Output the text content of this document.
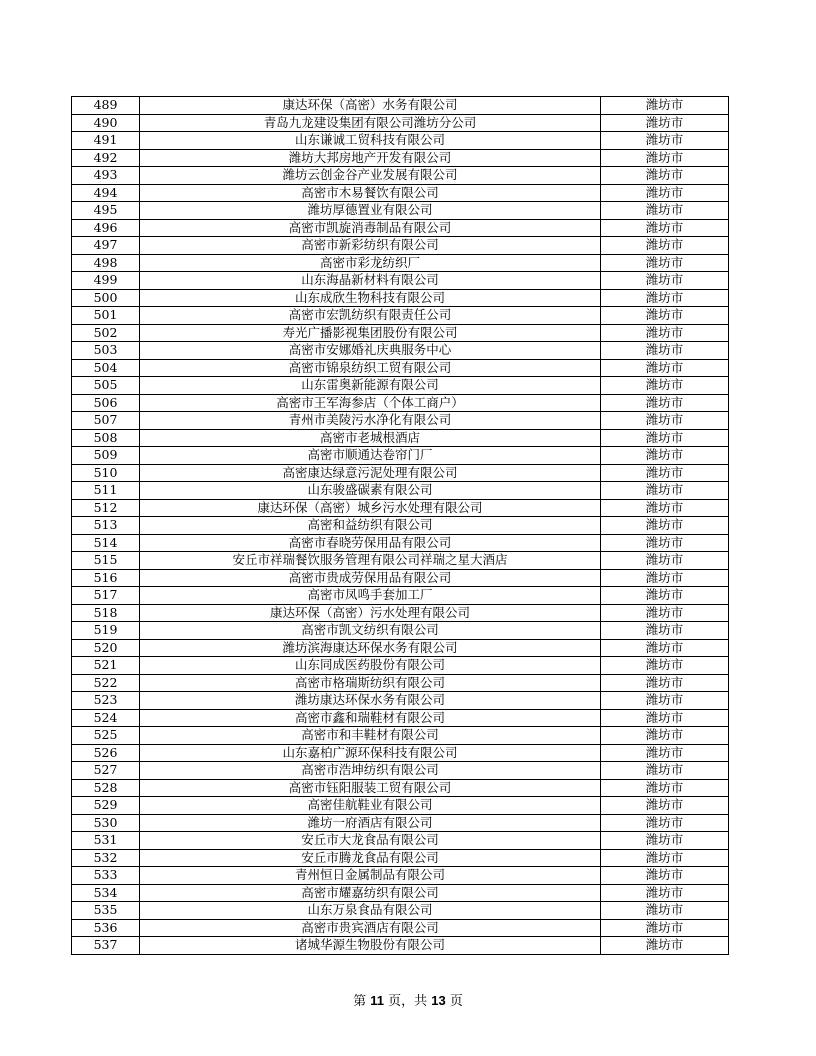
489	康达环保（高密）水务有限公司	潍坊市
490	青岛九龙建设集团有限公司潍坊分公司	潍坊市
491	山东谦诚工贸科技有限公司	潍坊市
492	潍坊大邦房地产开发有限公司	潍坊市
493	潍坊云创金谷产业发展有限公司	潍坊市
494	高密市木易餐饮有限公司	潍坊市
495	潍坊厚德置业有限公司	潍坊市
496	高密市凯旋消毒制品有限公司	潍坊市
497	高密市新彩纺织有限公司	潍坊市
498	高密市彩龙纺织厂	潍坊市
499	山东海晶新材料有限公司	潍坊市
500	山东成欣生物科技有限公司	潍坊市
501	高密市宏凯纺织有限责任公司	潍坊市
502	寿光广播影视集团股份有限公司	潍坊市
503	高密市安娜婚礼庆典服务中心	潍坊市
504	高密市锦泉纺织工贸有限公司	潍坊市
505	山东雷奥新能源有限公司	潍坊市
506	高密市王军海参店（个体工商户）	潍坊市
507	青州市美陵污水净化有限公司	潍坊市
508	高密市老城根酒店	潍坊市
509	高密市顺通达卷帘门厂	潍坊市
510	高密康达绿意污泥处理有限公司	潍坊市
511	山东骏盛碳素有限公司	潍坊市
512	康达环保（高密）城乡污水处理有限公司	潍坊市
513	高密和益纺织有限公司	潍坊市
514	高密市春晓劳保用品有限公司	潍坊市
515	安丘市祥瑞餐饮服务管理有限公司祥瑞之星大酒店	潍坊市
516	高密市贵成劳保用品有限公司	潍坊市
517	高密市凤鸣手套加工厂	潍坊市
518	康达环保（高密）污水处理有限公司	潍坊市
519	高密市凯文纺织有限公司	潍坊市
520	潍坊滨海康达环保水务有限公司	潍坊市
521	山东同成医药股份有限公司	潍坊市
522	高密市格瑞斯纺织有限公司	潍坊市
523	潍坊康达环保水务有限公司	潍坊市
524	高密市鑫和瑞鞋材有限公司	潍坊市
525	高密市和丰鞋材有限公司	潍坊市
526	山东嘉柏广源环保科技有限公司	潍坊市
527	高密市浩坤纺织有限公司	潍坊市
528	高密市钰阳服装工贸有限公司	潍坊市
529	高密佳航鞋业有限公司	潍坊市
530	潍坊一府酒店有限公司	潍坊市
531	安丘市大龙食品有限公司	潍坊市
532	安丘市腾龙食品有限公司	潍坊市
533	青州恒日金属制品有限公司	潍坊市
534	高密市耀嘉纺织有限公司	潍坊市
535	山东万泉食品有限公司	潍坊市
536	高密市贵宾酒店有限公司	潍坊市
537	诸城华源生物股份有限公司	潍坊市
第 11 页，共 13 页
